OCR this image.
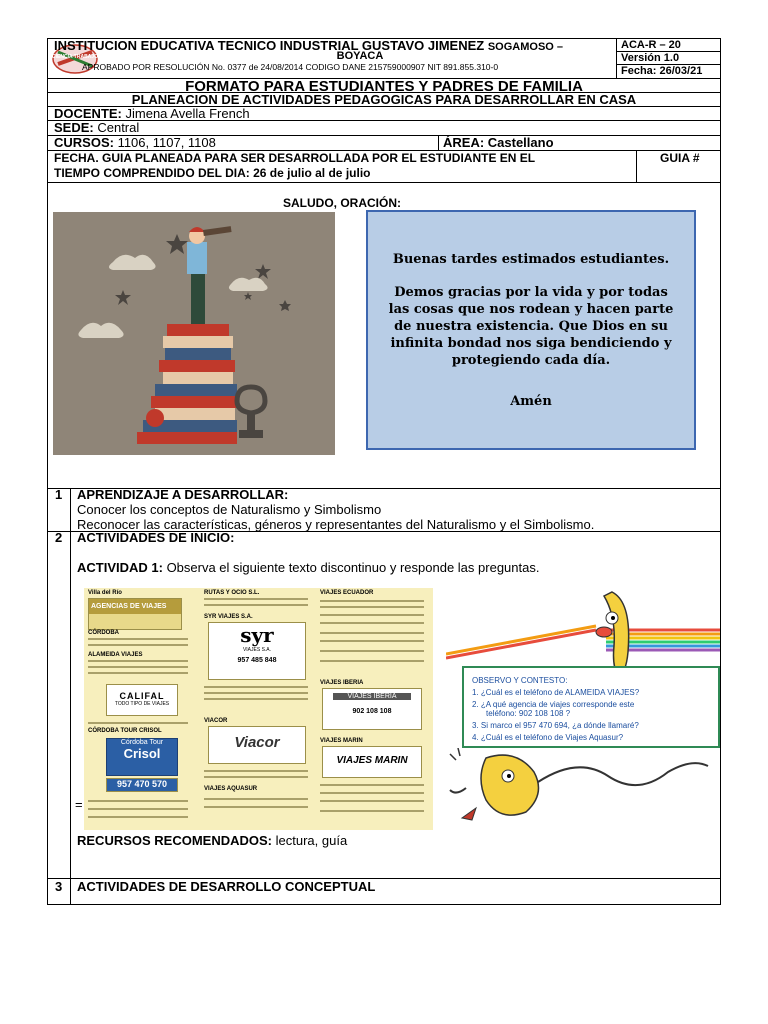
CIENCIA TRABAJO
INSTITUCION EDUCATIVA TECNICO INDUSTRIAL GUSTAVO JIMENEZ SOGAMOSO –
BOYACA
APROBADO POR RESOLUCIÓN No. 0377 de 24/08/2014 CODIGO DANE 215759000907 NIT 891.855.310-0
ACA-R – 20
Versión 1.0
Fecha: 26/03/21
FORMATO PARA ESTUDIANTES Y PADRES DE FAMILIA
PLANEACION DE ACTIVIDADES PEDAGOGICAS PARA DESARROLLAR EN CASA
DOCENTE: Jimena Avella French
SEDE: Central
CURSOS: 1106, 1107, 1108	ÁREA: Castellano
FECHA. GUIA PLANEADA PARA SER DESARROLLADA POR EL ESTUDIANTE EN EL
TIEMPO COMPRENDIDO DEL DIA: 26 de julio al de julio
GUIA #
SALUDO, ORACIÓN:

Buenas tardes estimados estudiantes.

Demos gracias por la vida y por todas las cosas que nos rodean y hacen parte de nuestra existencia. Que Dios en su infinita bondad nos siga bendiciendo y protegiendo cada día.

Amén

1 APRENDIZAJE A DESARROLLAR:
Conocer los conceptos de Naturalismo y Simbolismo
Reconocer las características, géneros y representantes del Naturalismo y el Simbolismo.
2 ACTIVIDADES DE INICIO:
ACTIVIDAD 1: Observa el siguiente texto discontinuo y responde las preguntas.
=
Villa del Río
AGENCIAS DE VIAJES
CÓRDOBA
ALAMEIDA VIAJES
CALIFAL
TODO TIPO DE VIAJES
CÓRDOBA TOUR CRISOL
Córdoba Tour
Crisol
957 470 570
RUTAS Y OCIO S.L.
SYR VIAJES S.A.
syr
VIAJES S.A.
957 485 848
VIACOR
Viacor
VIAJES AQUASUR
VIAJES ECUADOR
VIAJES IBERIA
VIAJES IBERIA
902 108 108
VIAJES MARIN
VIAJES MARIN
OBSERVO Y CONTESTO:
1. ¿Cuál es el teléfono de ALAMEIDA VIAJES?
2. ¿A qué agencia de viajes corresponde este
teléfono: 902 108 108 ?
3. Si marco el 957 470 694, ¿a dónde llamaré?
4. ¿Cuál es el teléfono de Viajes Aquasur?
RECURSOS RECOMENDADOS: lectura, guía
3 ACTIVIDADES DE DESARROLLO CONCEPTUAL
